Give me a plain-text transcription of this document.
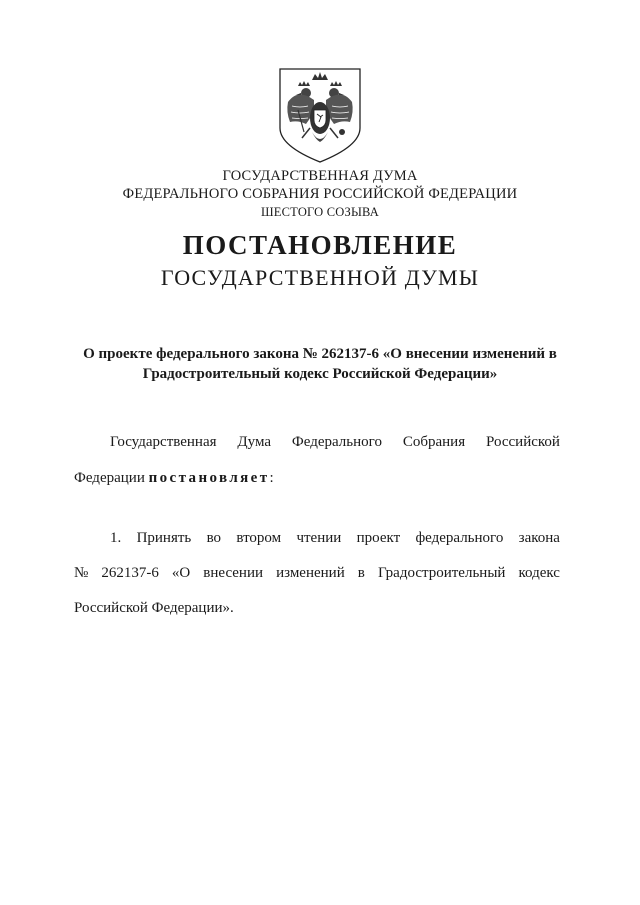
ГОСУДАРСТВЕННАЯ ДУМА
ФЕДЕРАЛЬНОГО СОБРАНИЯ РОССИЙСКОЙ ФЕДЕРАЦИИ
ШЕСТОГО СОЗЫВА
ПОСТАНОВЛЕНИЕ
ГОСУДАРСТВЕННОЙ ДУМЫ
О проекте федерального закона № 262137-6 «О внесении изменений в
Градостроительный кодекс Российской Федерации»
Государственная Дума Федерального Собрания Российской
Федерации постановляет:
1. Принять во втором чтении проект федерального закона
№ 262137-6 «О внесении изменений в Градостроительный кодекс
Российской Федерации».
